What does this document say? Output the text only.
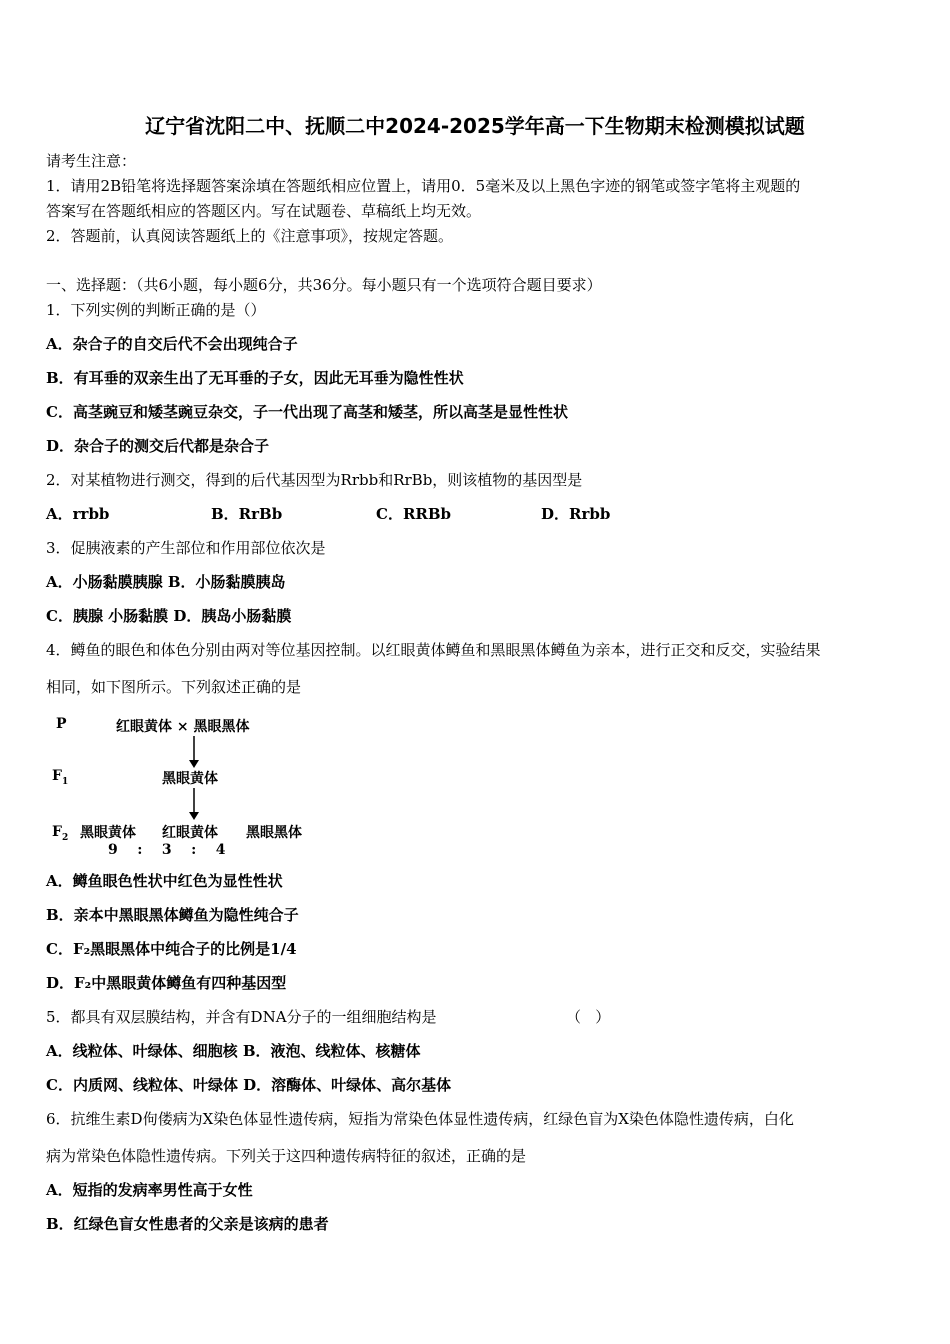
辽宁省沈阳二中、抚顺二中2024-2025学年高一下生物期末检测模拟试题
请考生注意：
1．请用2B铅笔将选择题答案涂填在答题纸相应位置上，请用0．5毫米及以上黑色字迹的钢笔或签字笔将主观题的
答案写在答题纸相应的答题区内。写在试题卷、草稿纸上均无效。
2．答题前，认真阅读答题纸上的《注意事项》，按规定答题。
一、选择题：（共6小题，每小题6分，共36分。每小题只有一个选项符合题目要求）
1．下列实例的判断正确的是（）
A．杂合子的自交后代不会出现纯合子
B．有耳垂的双亲生出了无耳垂的子女，因此无耳垂为隐性性状
C．高茎豌豆和矮茎豌豆杂交，子一代出现了高茎和矮茎，所以高茎是显性性状
D．杂合子的测交后代都是杂合子
2．对某植物进行测交，得到的后代基因型为Rrbb和RrBb，则该植物的基因型是
A．rrbb	B．RrBb	C．RRBb	D．Rrbb
3．促胰液素的产生部位和作用部位依次是
A．小肠黏膜胰腺 B．小肠黏膜胰岛
C．胰腺 小肠黏膜 D．胰岛小肠黏膜
4．鳟鱼的眼色和体色分别由两对等位基因控制。以红眼黄体鳟鱼和黑眼黑体鳟鱼为亲本，进行正交和反交，实验结果
相同，如下图所示。下列叙述正确的是
P	红眼黄体 × 黑眼黑体
$F_1$	黑眼黄体
$F_2$ 黑眼黄体 红眼黄体 黑眼黑体
9    :    3    :    4
A．鳟鱼眼色性状中红色为显性性状
B．亲本中黑眼黑体鳟鱼为隐性纯合子
C．F₂黑眼黑体中纯合子的比例是1/4
D．F₂中黑眼黄体鳟鱼有四种基因型
5．都具有双层膜结构，并含有DNA分子的一组细胞结构是	（   ）
A．线粒体、叶绿体、细胞核 B．液泡、线粒体、核糖体
C．内质网、线粒体、叶绿体 D．溶酶体、叶绿体、高尔基体
6．抗维生素D佝偻病为X染色体显性遗传病，短指为常染色体显性遗传病，红绿色盲为X染色体隐性遗传病，白化
病为常染色体隐性遗传病。下列关于这四种遗传病特征的叙述，正确的是
A．短指的发病率男性高于女性
B．红绿色盲女性患者的父亲是该病的患者
